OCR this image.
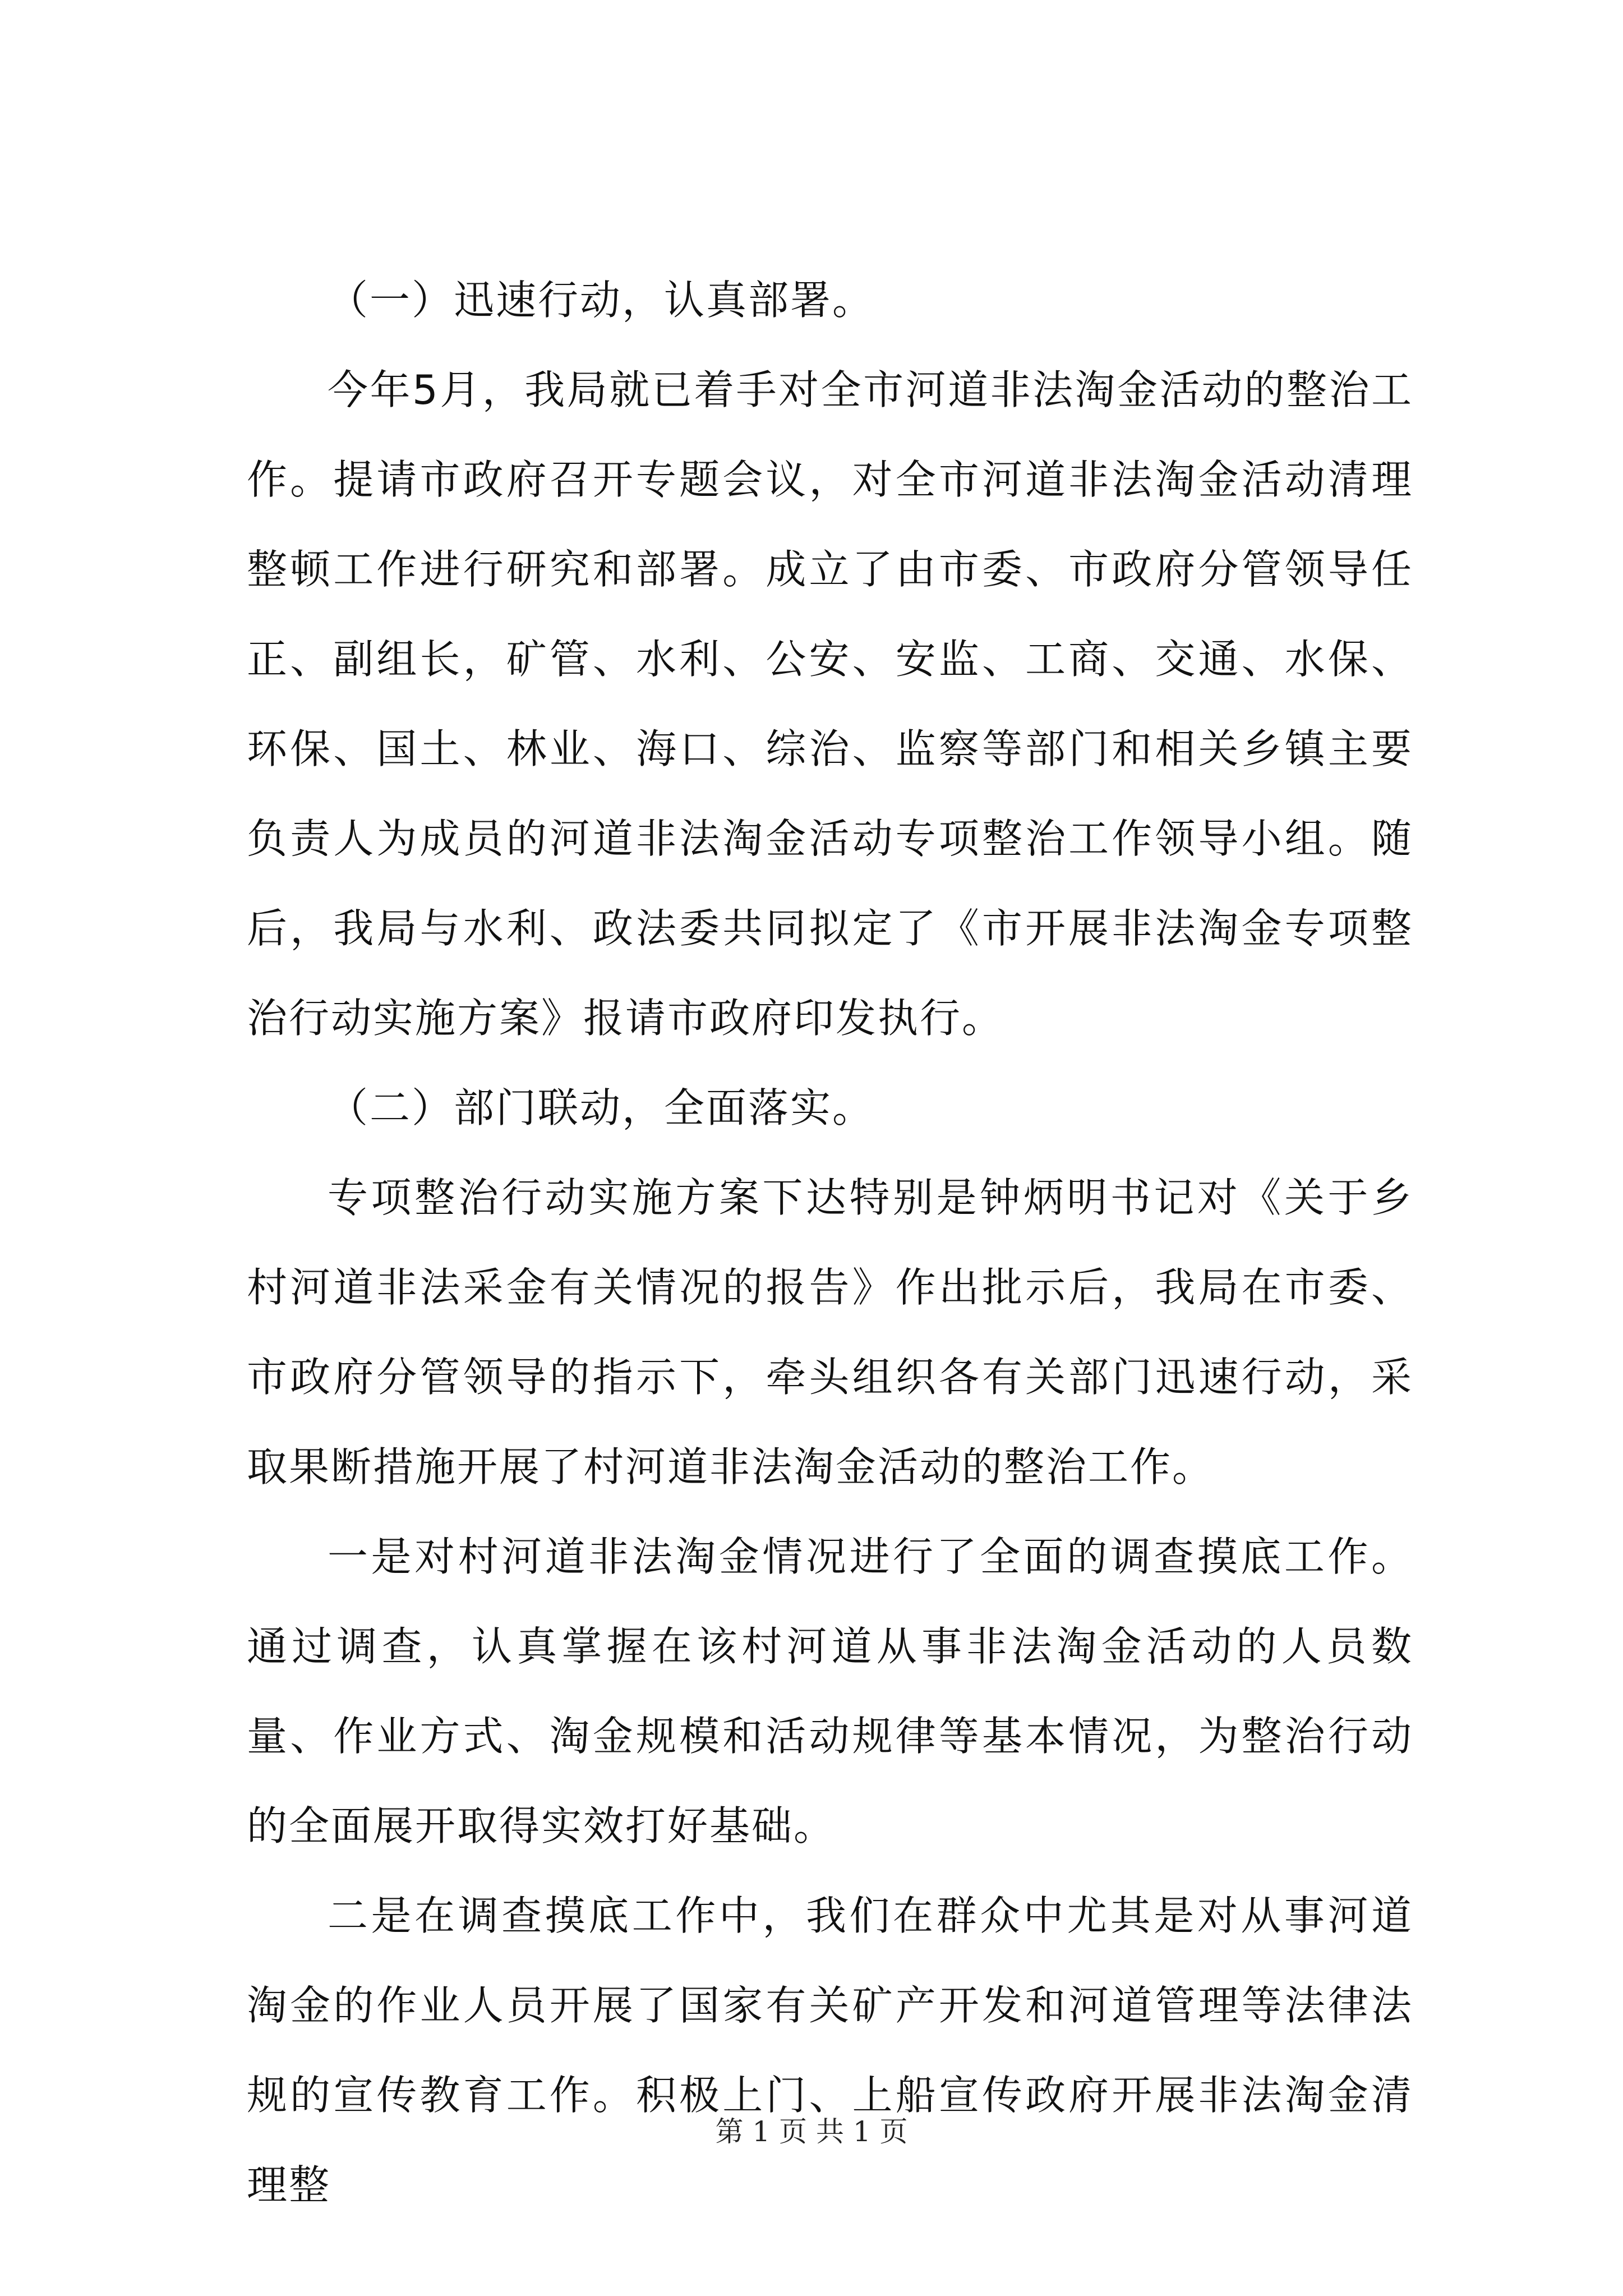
（一）迅速行动，认真部署。

今年5月，我局就已着手对全市河道非法淘金活动的整治工作。提请市政府召开专题会议，对全市河道非法淘金活动清理整顿工作进行研究和部署。成立了由市委、市政府分管领导任正、副组长，矿管、水利、公安、安监、工商、交通、水保、环保、国土、林业、海口、综治、监察等部门和相关乡镇主要负责人为成员的河道非法淘金活动专项整治工作领导小组。随后，我局与水利、政法委共同拟定了《市开展非法淘金专项整治行动实施方案》报请市政府印发执行。

（二）部门联动，全面落实。

专项整治行动实施方案下达特别是钟炳明书记对《关于乡村河道非法采金有关情况的报告》作出批示后，我局在市委、市政府分管领导的指示下，牵头组织各有关部门迅速行动，采取果断措施开展了村河道非法淘金活动的整治工作。

一是对村河道非法淘金情况进行了全面的调查摸底工作。通过调查，认真掌握在该村河道从事非法淘金活动的人员数量、作业方式、淘金规模和活动规律等基本情况，为整治行动的全面展开取得实效打好基础。

二是在调查摸底工作中，我们在群众中尤其是对从事河道淘金的作业人员开展了国家有关矿产开发和河道管理等法律法规的宣传教育工作。积极上门、上船宣传政府开展非法淘金清理整

第 1 页 共 1 页
